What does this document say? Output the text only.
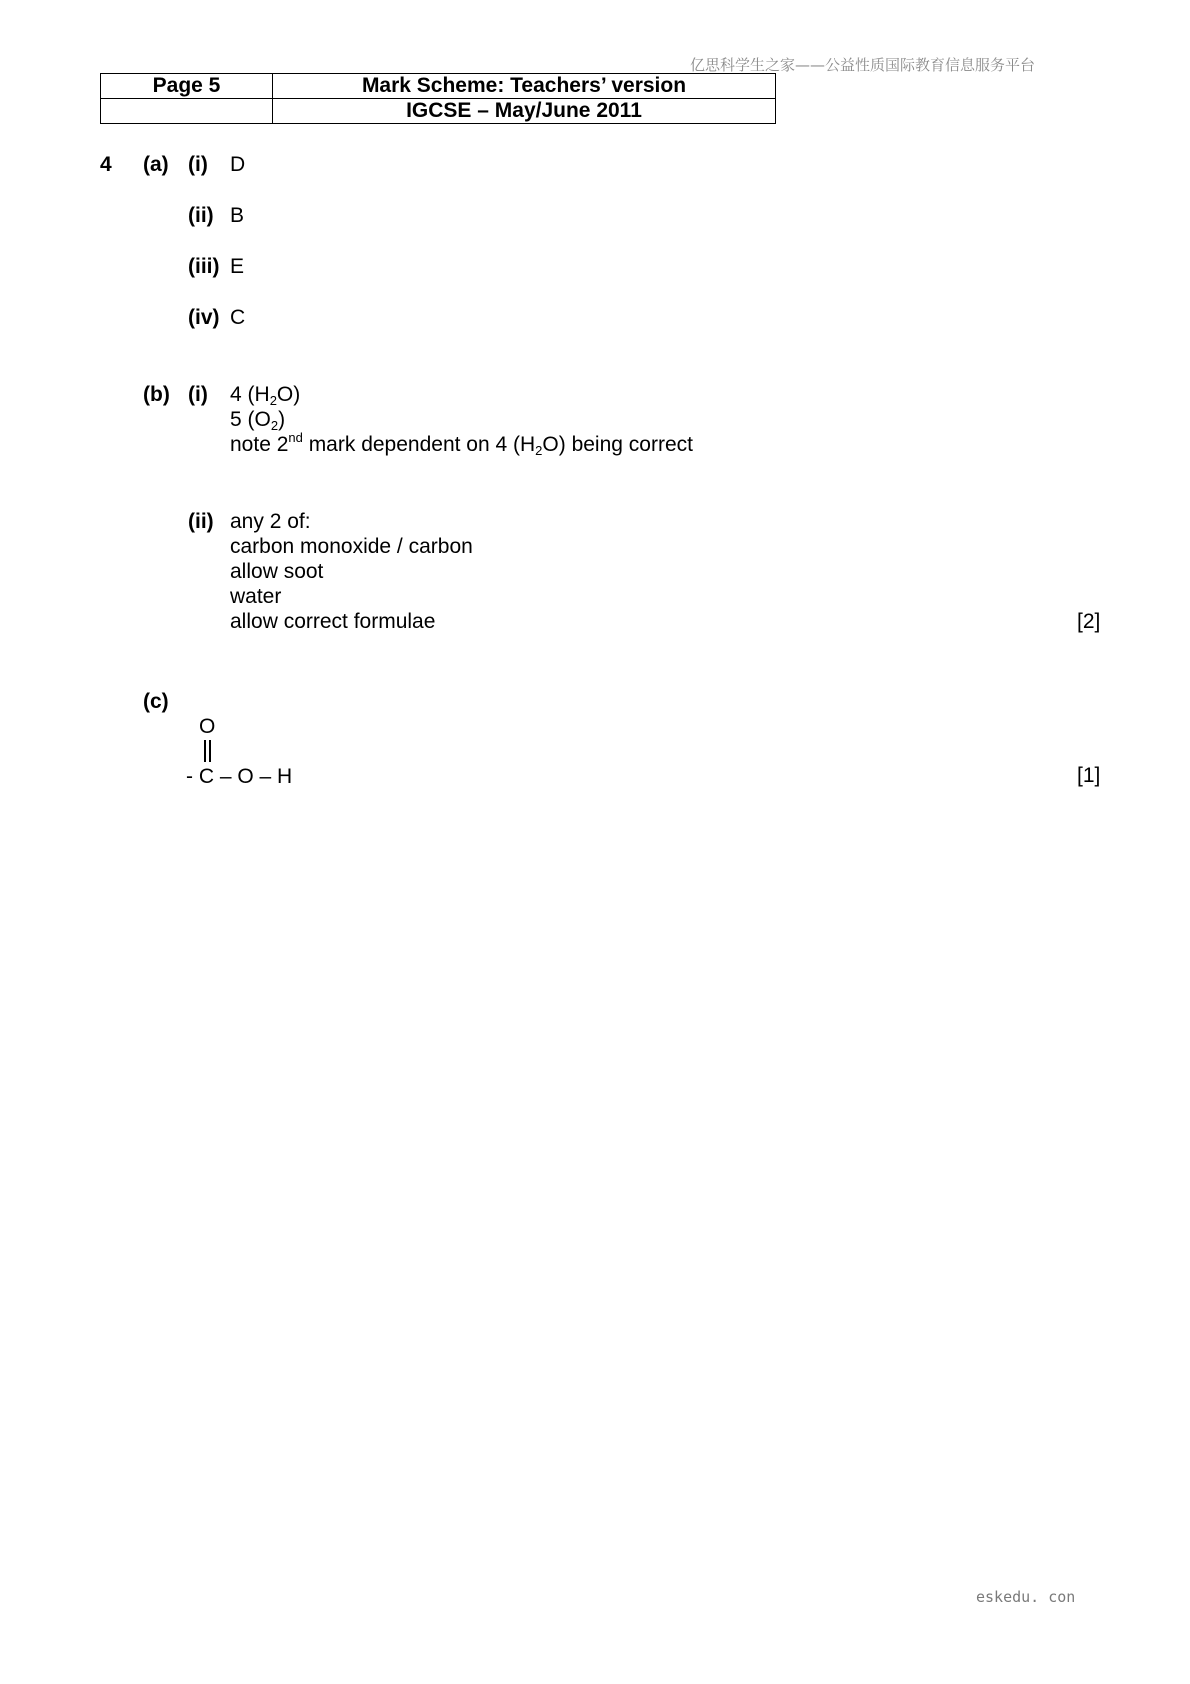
亿思科学生之家——公益性质国际教育信息服务平台
Page 5	Mark Scheme: Teachers’ version
	IGCSE – May/June 2011
4 (a) (i) D
(ii) B
(iii) E
(iv) C
(b) (i) 4 $(H_2O)$
5 $(O_2)$
note 2nd mark dependent on 4 $(H_2O)$ being correct
(ii) any 2 of:
carbon monoxide / carbon
allow soot
water
allow correct formulae	[2]
(c)
O
- C – O – H	[1]
eskedu. con
